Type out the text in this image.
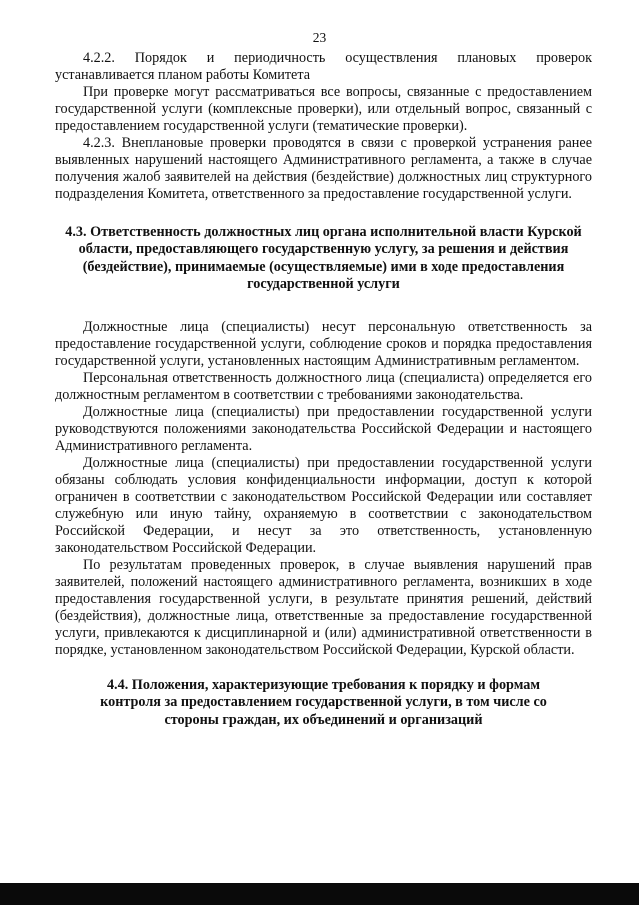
23

4.2.2. Порядок и периодичность осуществления плановых проверок устанавливается планом работы Комитета

При проверке могут рассматриваться все вопросы, связанные с предоставлением государственной услуги (комплексные проверки), или отдельный вопрос, связанный с предоставлением государственной услуги (тематические проверки).

4.2.3. Внеплановые проверки проводятся в связи с проверкой устранения ранее выявленных нарушений настоящего Административного регламента, а также в случае получения жалоб заявителей на действия (бездействие) должностных лиц структурного подразделения Комитета, ответственного за предоставление государственной услуги.

4.3. Ответственность должностных лиц органа исполнительной власти Курской области, предоставляющего государственную услугу, за решения и действия (бездействие), принимаемые (осуществляемые) ими в ходе предоставления государственной услуги

Должностные лица (специалисты) несут персональную ответственность за предоставление государственной услуги, соблюдение сроков и порядка предоставления государственной услуги, установленных настоящим Административным регламентом.

Персональная ответственность должностного лица (специалиста) определяется его должностным регламентом в соответствии с требованиями законодательства.

Должностные лица (специалисты) при предоставлении государственной услуги руководствуются положениями законодательства Российской Федерации и настоящего Административного регламента.

Должностные лица (специалисты) при предоставлении государственной услуги обязаны соблюдать условия конфиденциальности информации, доступ к которой ограничен в соответствии с законодательством Российской Федерации или составляет служебную или иную тайну, охраняемую в соответствии с законодательством Российской Федерации, и несут за это ответственность, установленную законодательством Российской Федерации.

По результатам проведенных проверок, в случае выявления нарушений прав заявителей, положений настоящего административного регламента, возникших в ходе предоставления государственной услуги, в результате принятия решений, действий (бездействия), должностные лица, ответственные за предоставление государственной услуги, привлекаются к дисциплинарной и (или) административной ответственности в порядке, установленном законодательством Российской Федерации, Курской области.

4.4. Положения, характеризующие требования к порядку и формам контроля за предоставлением государственной услуги, в том числе со стороны граждан, их объединений и организаций
